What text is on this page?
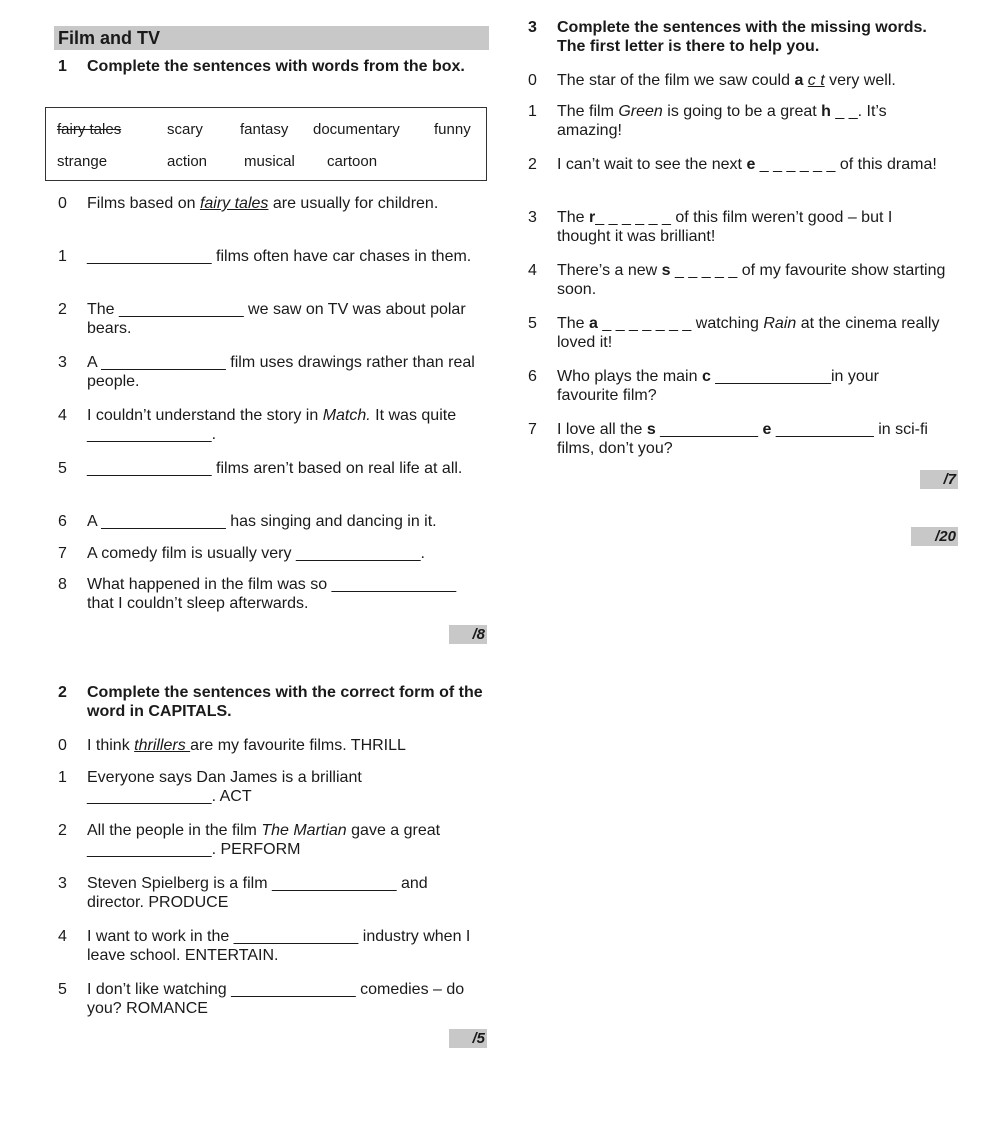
Film and TV
1	Complete the sentences with words from the box.
fairy tales	scary fantasy documentary funny
strange	action musical cartoon
0	Films based on fairy tales are usually for children.
1	______________ films often have car chases in them.
2	The ______________ we saw on TV was about polar bears.
3	A ______________ film uses drawings rather than real people.
4	I couldn’t understand the story in Match. It was quite ______________.
5	______________ films aren’t based on real life at all.
6	A ______________ has singing and dancing in it.
7	A comedy film is usually very ______________.
8	What happened in the film was so ______________ that I couldn’t sleep afterwards.
/8
2	Complete the sentences with the correct form of the word in CAPITALS.
0	I think thrillers are my favourite films. THRILL
1	Everyone says Dan James is a brilliant ______________. ACT
2	All the people in the film The Martian gave a great ______________. PERFORM
3	Steven Spielberg is a film ______________ and director. PRODUCE
4	I want to work in the ______________ industry when I leave school. ENTERTAIN.
5	I don’t like watching ______________ comedies – do you? ROMANCE
/5
3	Complete the sentences with the missing words. The first letter is there to help you.
0	The star of the film we saw could a c t very well.
1	The film Green is going to be a great h _ _. It’s amazing!
2	I can’t wait to see the next e _ _ _ _ _ _ of this drama!
3	The r_ _ _ _ _ _ of this film weren’t good – but I thought it was brilliant!
4	There’s a new s _ _ _ _ _ of my favourite show starting soon.
5	The a _ _ _ _ _ _ _ watching Rain at the cinema really loved it!
6	Who plays the main c _____________in your favourite film?
7	I love all the s ___________ e ___________ in sci-fi films, don’t you?
/7
/20
